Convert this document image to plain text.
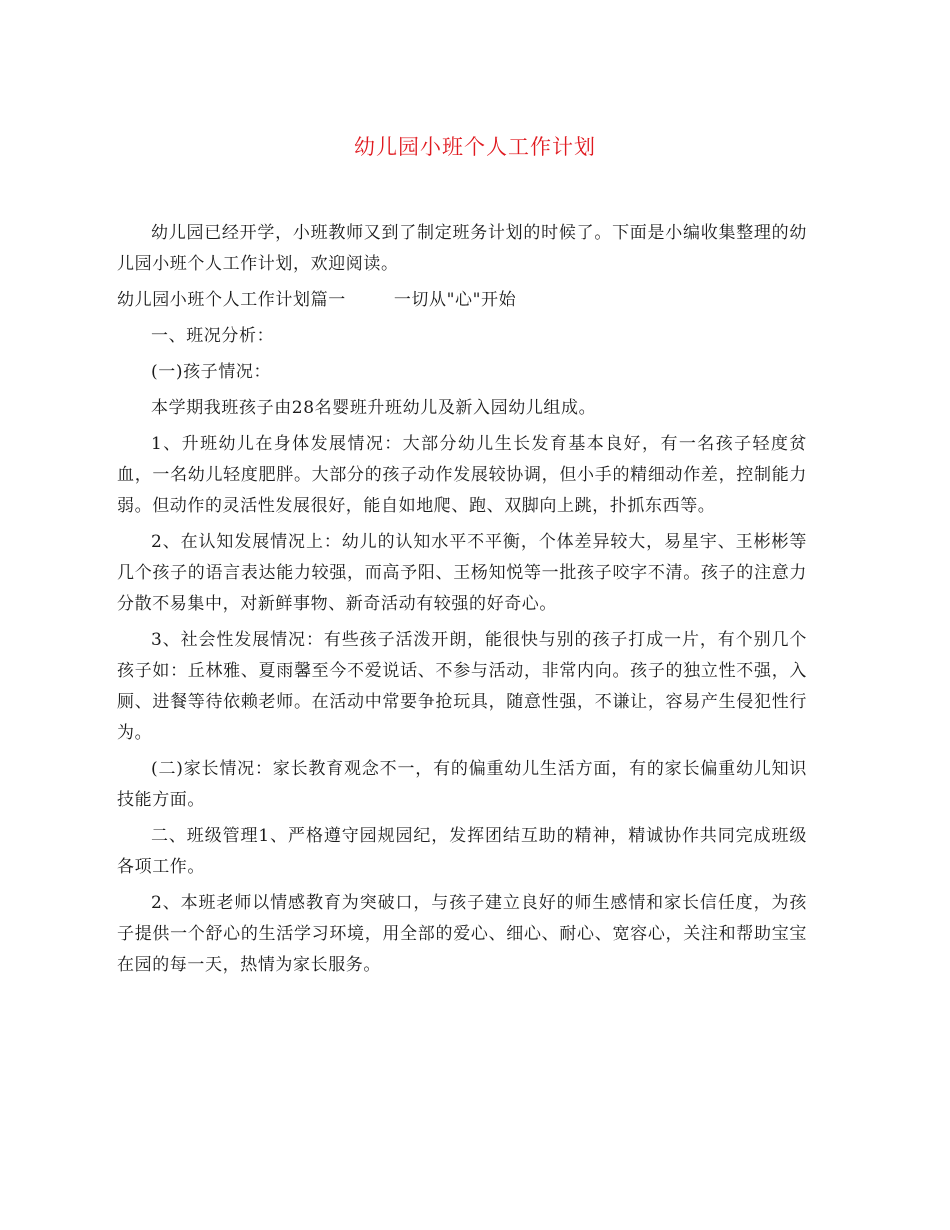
幼儿园小班个人工作计划

幼儿园已经开学，小班教师又到了制定班务计划的时候了。下面是小编收集整理的幼儿园小班个人工作计划，欢迎阅读。

幼儿园小班个人工作计划篇一	一切从"心"开始

一、班况分析：

(一)孩子情况：

本学期我班孩子由28名婴班升班幼儿及新入园幼儿组成。

1、升班幼儿在身体发展情况：大部分幼儿生长发育基本良好，有一名孩子轻度贫血，一名幼儿轻度肥胖。大部分的孩子动作发展较协调，但小手的精细动作差，控制能力弱。但动作的灵活性发展很好，能自如地爬、跑、双脚向上跳，扑抓东西等。

2、在认知发展情况上：幼儿的认知水平不平衡，个体差异较大，易星宇、王彬彬等几个孩子的语言表达能力较强，而高予阳、王杨知悦等一批孩子咬字不清。孩子的注意力分散不易集中，对新鲜事物、新奇活动有较强的好奇心。

3、社会性发展情况：有些孩子活泼开朗，能很快与别的孩子打成一片，有个别几个孩子如：丘林雅、夏雨馨至今不爱说话、不参与活动，非常内向。孩子的独立性不强，入厕、进餐等待依赖老师。在活动中常要争抢玩具，随意性强，不谦让，容易产生侵犯性行为。

(二)家长情况：家长教育观念不一，有的偏重幼儿生活方面，有的家长偏重幼儿知识技能方面。

二、班级管理1、严格遵守园规园纪，发挥团结互助的精神，精诚协作共同完成班级各项工作。

2、本班老师以情感教育为突破口，与孩子建立良好的师生感情和家长信任度，为孩子提供一个舒心的生活学习环境，用全部的爱心、细心、耐心、宽容心，关注和帮助宝宝在园的每一天，热情为家长服务。
